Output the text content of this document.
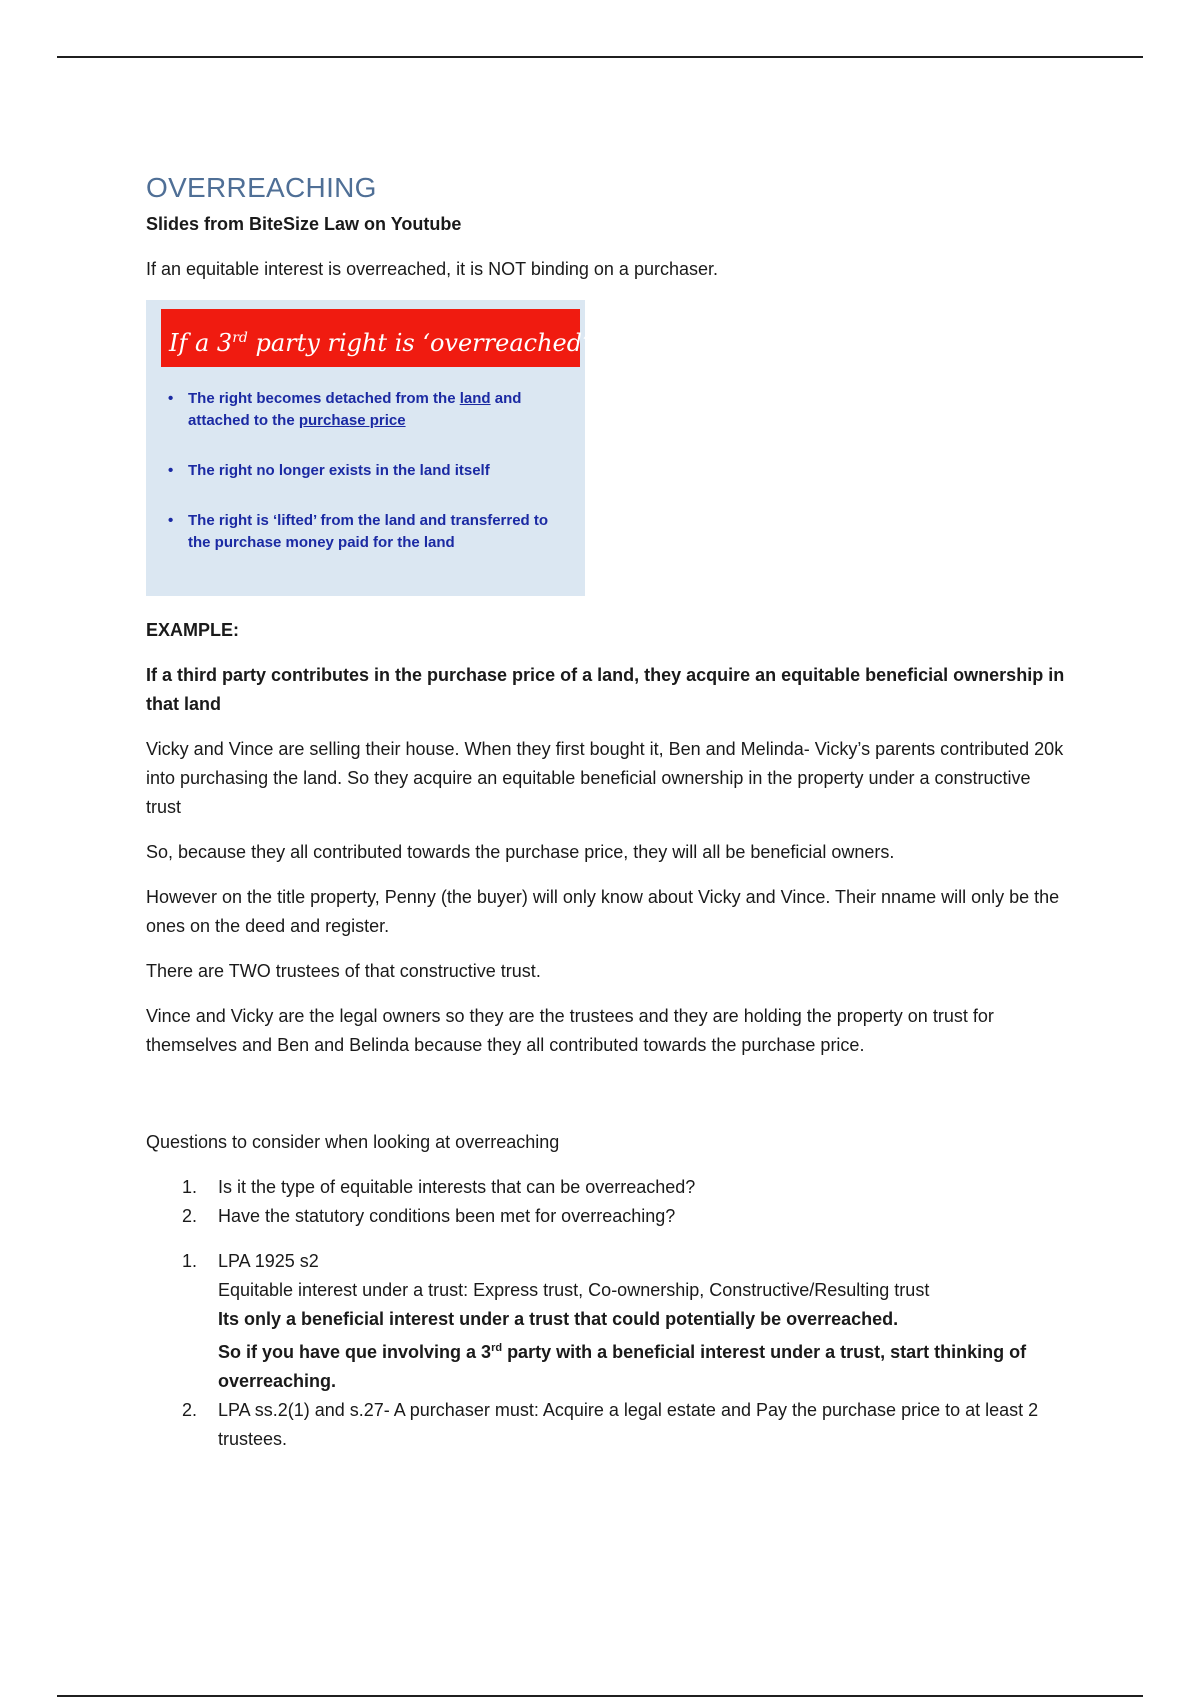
OVERREACHING
Slides from BiteSize Law on Youtube

If an equitable interest is overreached, it is NOT binding on a purchaser.

If a 3rd party right is ‘overreached’
• The right becomes detached from the land and attached to the purchase price
• The right no longer exists in the land itself
• The right is ‘lifted’ from the land and transferred to the purchase money paid for the land

EXAMPLE:

If a third party contributes in the purchase price of a land, they acquire an equitable beneficial ownership in that land

Vicky and Vince are selling their house. When they first bought it, Ben and Melinda- Vicky’s parents contributed 20k into purchasing the land. So they acquire an equitable beneficial ownership in the property under a constructive trust

So, because they all contributed towards the purchase price, they will all be beneficial owners.

However on the title property, Penny (the buyer) will only know about Vicky and Vince. Their nname will only be the ones on the deed and register.

There are TWO trustees of that constructive trust.

Vince and Vicky are the legal owners so they are the trustees and they are holding the property on trust for themselves and Ben and Belinda because they all contributed towards the purchase price.

Questions to consider when looking at overreaching

1. Is it the type of equitable interests that can be overreached?
2. Have the statutory conditions been met for overreaching?
1. LPA 1925 s2
Equitable interest under a trust: Express trust, Co-ownership, Constructive/Resulting trust
Its only a beneficial interest under a trust that could potentially be overreached.
So if you have que involving a 3rd party with a beneficial interest under a trust, start thinking of overreaching.
2. LPA ss.2(1) and s.27- A purchaser must: Acquire a legal estate and Pay the purchase price to at least 2 trustees.
